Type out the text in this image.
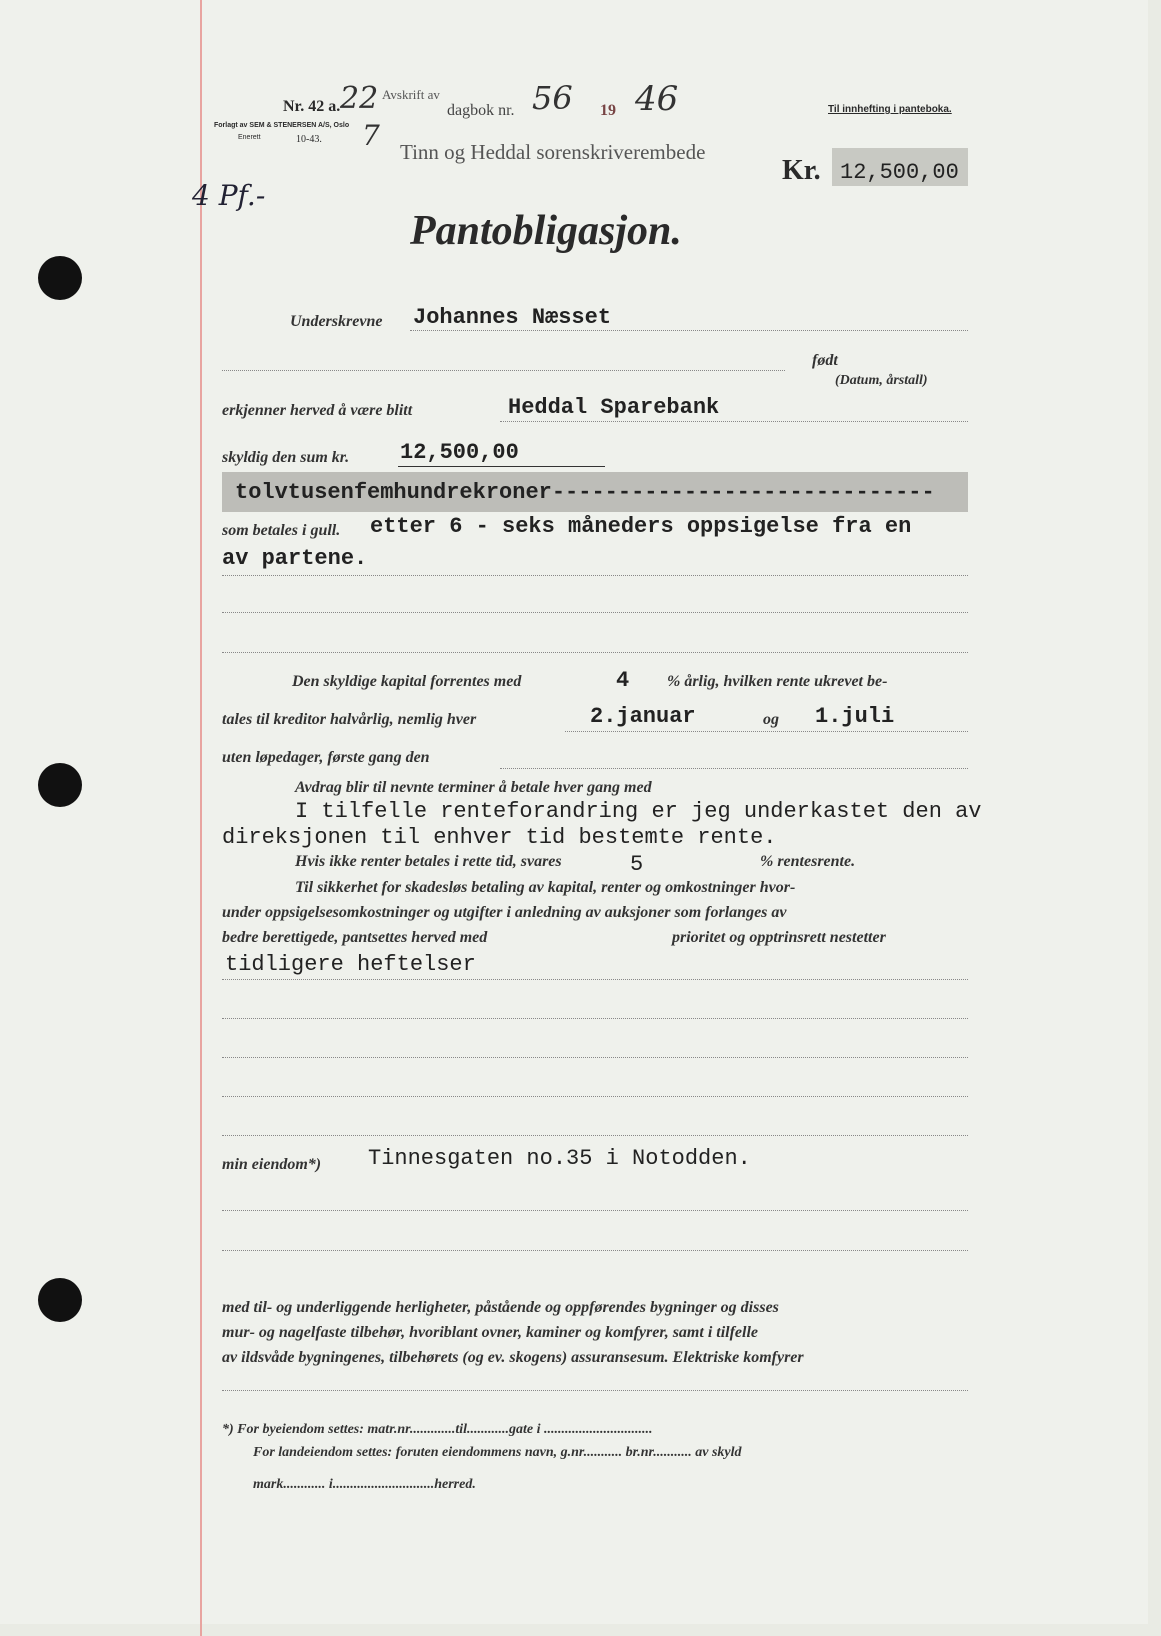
Nr. 42 a. 22
7
Avskrift av
dagbok nr. 56 19 46	Til innhefting i panteboka.
Forlagt av SEM & STENERSEN A/S, Oslo
Enerett	10-43.
Tinn og Heddal sorenskriverembede
Kr. 12,500,00
4 Pf.-
Pantobligasjon.
Underskrevne Johannes Næsset
født
(Datum, årstall)
erkjenner herved å være blitt	Heddal Sparebank
skyldig den sum kr. 12,500,00
tolvtusenfemhundrekroner-----------------------------
som betales i gull. etter 6 - seks måneders oppsigelse fra en
av partene.
Den skyldige kapital forrentes med	4 % årlig, hvilken rente ukrevet be-
tales til kreditor halvårlig, nemlig hver	2.januar	og 1.juli
uten løpedager, første gang den
Avdrag blir til nevnte terminer å betale hver gang med
I tilfelle renteforandring er jeg underkastet den av
direksjonen til enhver tid bestemte rente.
Hvis ikke renter betales i rette tid, svares	5	% rentesrente.
Til sikkerhet for skadesløs betaling av kapital, renter og omkostninger hvor-
under oppsigelsesomkostninger og utgifter i anledning av auksjoner som forlanges av
bedre berettigede, pantsettes herved med	prioritet og opptrinsrett nestetter
tidligere heftelser
min eiendom*) Tinnesgaten no.35 i Notodden.
med til- og underliggende herligheter, påstående og oppførendes bygninger og disses
mur- og nagelfaste tilbehør, hvoriblant ovner, kaminer og komfyrer, samt i tilfelle
av ildsvåde bygningenes, tilbehørets (og ev. skogens) assuransesum. Elektriske komfyrer
*) For byeiendom settes: matr.nr.............til............gate i ...............................
For landeiendom settes: foruten eiendommens navn, g.nr........... br.nr........... av skyld
mark............ i.............................herred.
